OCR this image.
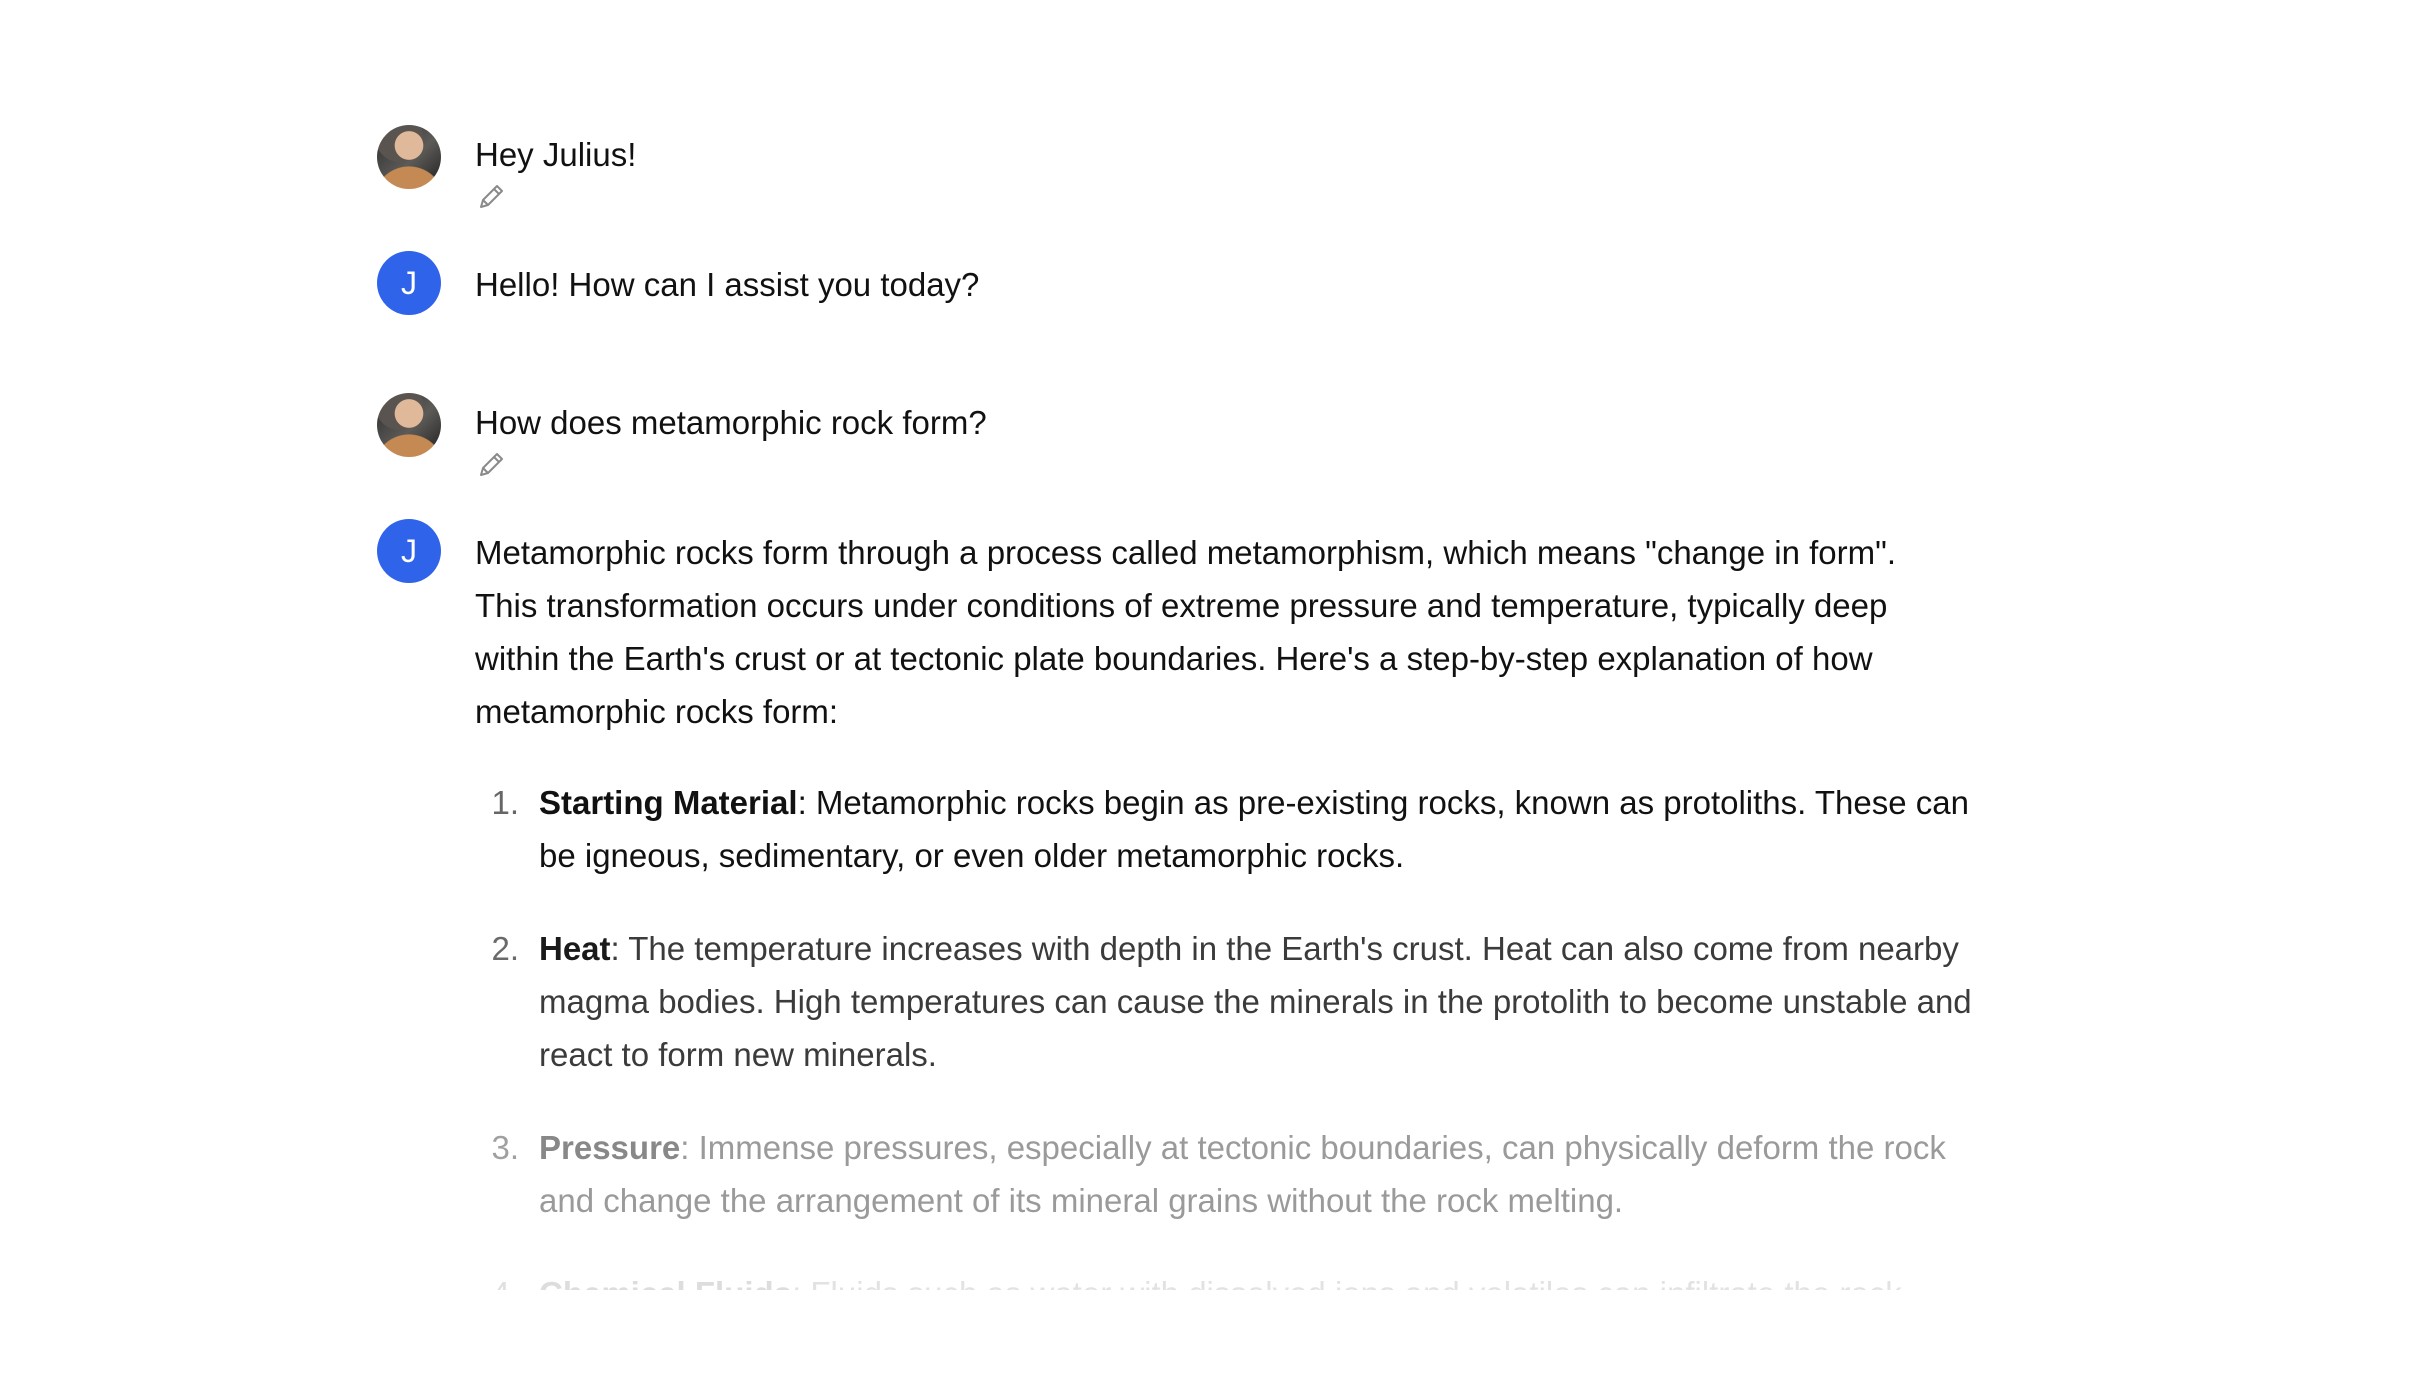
Hey Julius!
J	Hello! How can I assist you today?
How does metamorphic rock form?
J	Metamorphic rocks form through a process called metamorphism, which means "change in form". This transformation occurs under conditions of extreme pressure and temperature, typically deep within the Earth's crust or at tectonic plate boundaries. Here's a step-by-step explanation of how metamorphic rocks form:
1. Starting Material: Metamorphic rocks begin as pre-existing rocks, known as protoliths. These can be igneous, sedimentary, or even older metamorphic rocks.
2. Heat: The temperature increases with depth in the Earth's crust. Heat can also come from nearby magma bodies. High temperatures can cause the minerals in the protolith to become unstable and react to form new minerals.
3. Pressure: Immense pressures, especially at tectonic boundaries, can physically deform the rock and change the arrangement of its mineral grains without the rock melting.
